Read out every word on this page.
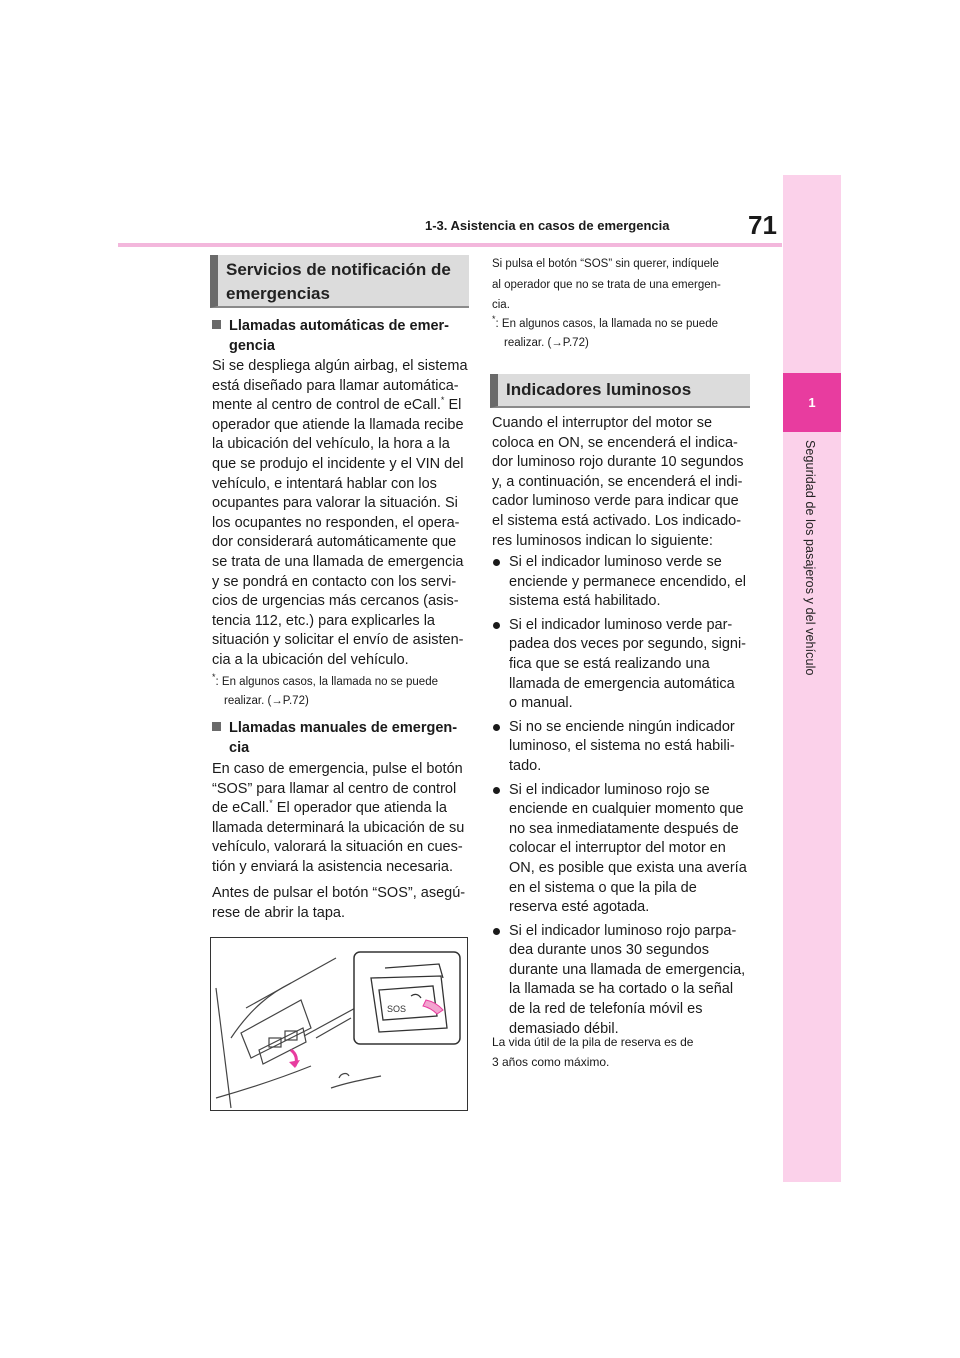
1-3. Asistencia en casos de emergencia	71
1
Seguridad de los pasajeros y del vehículo
Servicios de notificación de
emergencias
Llamadas automáticas de emer-
gencia
Si se despliega algún airbag, el sistema
está diseñado para llamar automática-
mente al centro de control de eCall.* El
operador que atiende la llamada recibe
la ubicación del vehículo, la hora a la
que se produjo el incidente y el VIN del
vehículo, e intentará hablar con los
ocupantes para valorar la situación. Si
los ocupantes no responden, el opera-
dor considerará automáticamente que
se trata de una llamada de emergencia
y se pondrá en contacto con los servi-
cios de urgencias más cercanos (asis-
tencia 112, etc.) para explicarles la
situación y solicitar el envío de asisten-
cia a la ubicación del vehículo.
*: En algunos casos, la llamada no se puede
realizar. (→P.72)
Llamadas manuales de emergen-
cia
En caso de emergencia, pulse el botón
“SOS” para llamar al centro de control
de eCall.* El operador que atienda la
llamada determinará la ubicación de su
vehículo, valorará la situación en cues-
tión y enviará la asistencia necesaria.
Antes de pulsar el botón “SOS”, asegú-
rese de abrir la tapa.
SOS
Si pulsa el botón “SOS” sin querer, indíquele
al operador que no se trata de una emergen-
cia.
*: En algunos casos, la llamada no se puede
realizar. (→P.72)
Indicadores luminosos
Cuando el interruptor del motor se
coloca en ON, se encenderá el indica-
dor luminoso rojo durante 10 segundos
y, a continuación, se encenderá el indi-
cador luminoso verde para indicar que
el sistema está activado. Los indicado-
res luminosos indican lo siguiente:
Si el indicador luminoso verde se
enciende y permanece encendido, el
sistema está habilitado.
Si el indicador luminoso verde par-
padea dos veces por segundo, signi-
fica que se está realizando una
llamada de emergencia automática
o manual.
Si no se enciende ningún indicador
luminoso, el sistema no está habili-
tado.
Si el indicador luminoso rojo se
enciende en cualquier momento que
no sea inmediatamente después de
colocar el interruptor del motor en
ON, es posible que exista una avería
en el sistema o que la pila de
reserva esté agotada.
Si el indicador luminoso rojo parpa-
dea durante unos 30 segundos
durante una llamada de emergencia,
la llamada se ha cortado o la señal
de la red de telefonía móvil es
demasiado débil.
La vida útil de la pila de reserva es de
3 años como máximo.
